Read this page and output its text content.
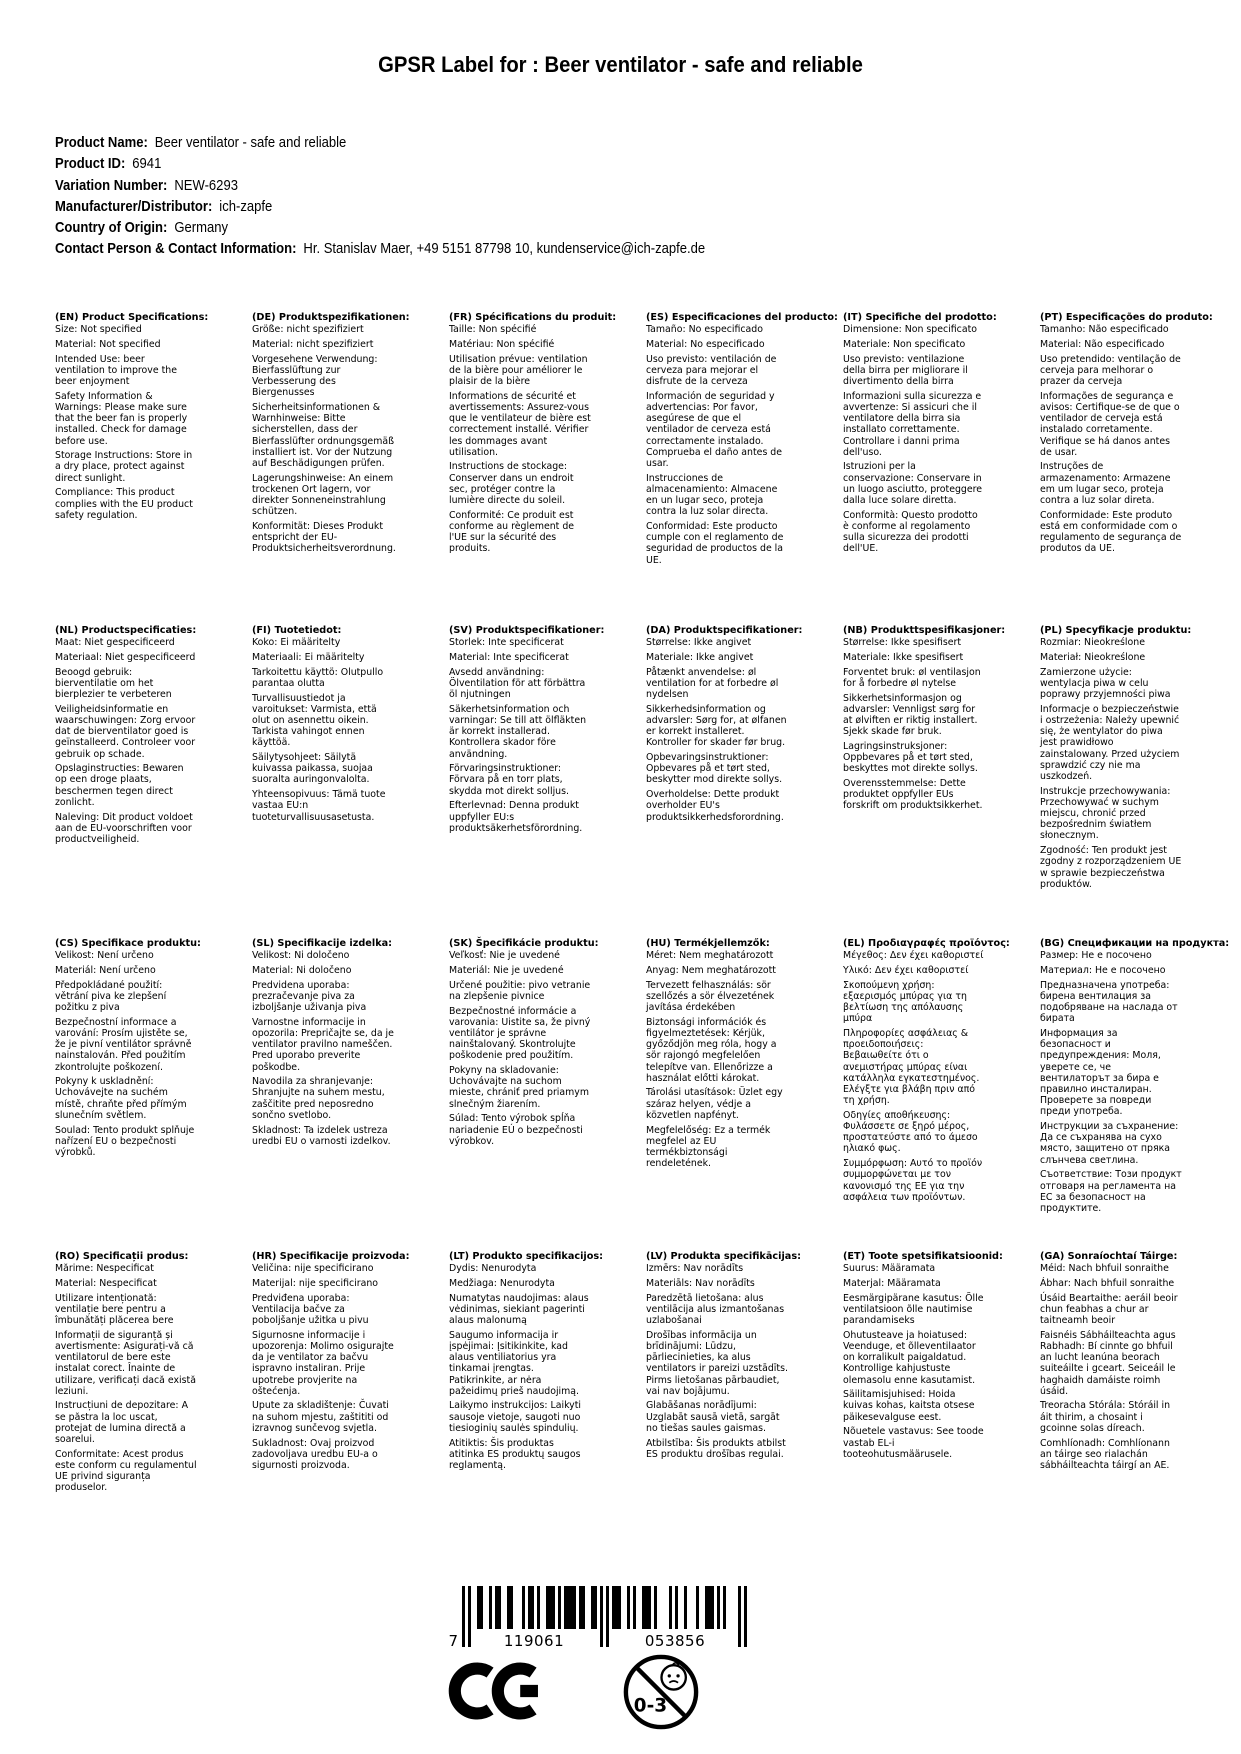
GPSR Label for : Beer ventilator - safe and reliable
Product Name: Beer ventilator - safe and reliable
Product ID: 6941
Variation Number: NEW-6293
Manufacturer/Distributor: ich-zapfe
Country of Origin: Germany
Contact Person & Contact Information: Hr. Stanislav Maer, +49 5151 87798 10, kundenservice@ich-zapfe.de
(EN) Product Specifications:

Size: Not specified

Material: Not specified

Intended Use: beer ventilation to improve the beer enjoyment

Safety Information & Warnings: Please make sure that the beer fan is properly installed. Check for damage before use.

Storage Instructions: Store in a dry place, protect against direct sunlight.

Compliance: This product complies with the EU product safety regulation.

(DE) Produktspezifikationen:

Größe: nicht spezifiziert

Material: nicht spezifiziert

Vorgesehene Verwendung: Bierfasslüftung zur Verbesserung des Biergenusses

Sicherheitsinformationen & Warnhinweise: Bitte sicherstellen, dass der Bierfasslüfter ordnungsgemäß installiert ist. Vor der Nutzung auf Beschädigungen prüfen.

Lagerungshinweise: An einem trockenen Ort lagern, vor direkter Sonneneinstrahlung schützen.

Konformität: Dieses Produkt entspricht der EU-Produktsicherheitsverordnung.

(FR) Spécifications du produit:

Taille: Non spécifié

Matériau: Non spécifié

Utilisation prévue: ventilation de la bière pour améliorer le plaisir de la bière

Informations de sécurité et avertissements: Assurez-vous que le ventilateur de bière est correctement installé. Vérifier les dommages avant utilisation.

Instructions de stockage: Conserver dans un endroit sec, protéger contre la lumière directe du soleil.

Conformité: Ce produit est conforme au règlement de l'UE sur la sécurité des produits.

(ES) Especificaciones del producto:

Tamaño: No especificado

Material: No especificado

Uso previsto: ventilación de cerveza para mejorar el disfrute de la cerveza

Información de seguridad y advertencias: Por favor, asegúrese de que el ventilador de cerveza está correctamente instalado. Comprueba el daño antes de usar.

Instrucciones de almacenamiento: Almacene en un lugar seco, proteja contra la luz solar directa.

Conformidad: Este producto cumple con el reglamento de seguridad de productos de la UE.

(IT) Specifiche del prodotto:

Dimensione: Non specificato

Materiale: Non specificato

Uso previsto: ventilazione della birra per migliorare il divertimento della birra

Informazioni sulla sicurezza e avvertenze: Si assicuri che il ventilatore della birra sia installato correttamente. Controllare i danni prima dell'uso.

Istruzioni per la conservazione: Conservare in un luogo asciutto, proteggere dalla luce solare diretta.

Conformità: Questo prodotto è conforme al regolamento sulla sicurezza dei prodotti dell'UE.

(PT) Especificações do produto:

Tamanho: Não especificado

Material: Não especificado

Uso pretendido: ventilação de cerveja para melhorar o prazer da cerveja

Informações de segurança e avisos: Certifique-se de que o ventilador de cerveja está instalado corretamente. Verifique se há danos antes de usar.

Instruções de armazenamento: Armazene em um lugar seco, proteja contra a luz solar direta.

Conformidade: Este produto está em conformidade com o regulamento de segurança de produtos da UE.

(NL) Productspecificaties:

Maat: Niet gespecificeerd

Materiaal: Niet gespecificeerd

Beoogd gebruik: bierventilatie om het bierplezier te verbeteren

Veiligheidsinformatie en waarschuwingen: Zorg ervoor dat de bierventilator goed is geïnstalleerd. Controleer voor gebruik op schade.

Opslaginstructies: Bewaren op een droge plaats, beschermen tegen direct zonlicht.

Naleving: Dit product voldoet aan de EU-voorschriften voor productveiligheid.

(FI) Tuotetiedot:

Koko: Ei määritelty

Materiaali: Ei määritelty

Tarkoitettu käyttö: Olutpullo parantaa olutta

Turvallisuustiedot ja varoitukset: Varmista, että olut on asennettu oikein. Tarkista vahingot ennen käyttöä.

Säilytysohjeet: Säilytä kuivassa paikassa, suojaa suoralta auringonvalolta.

Yhteensopivuus: Tämä tuote vastaa EU:n tuoteturvallisuusasetusta.

(SV) Produktspecifikationer:

Storlek: Inte specificerat

Material: Inte specificerat

Avsedd användning: Ölventilation för att förbättra öl njutningen

Säkerhetsinformation och varningar: Se till att ölfläkten är korrekt installerad. Kontrollera skador före användning.

Förvaringsinstruktioner: Förvara på en torr plats, skydda mot direkt solljus.

Efterlevnad: Denna produkt uppfyller EU:s produktsäkerhetsförordning.

(DA) Produktspecifikationer:

Størrelse: Ikke angivet

Materiale: Ikke angivet

Påtænkt anvendelse: øl ventilation for at forbedre øl nydelsen

Sikkerhedsinformation og advarsler: Sørg for, at ølfanen er korrekt installeret. Kontroller for skader før brug.

Opbevaringsinstruktioner: Opbevares på et tørt sted, beskytter mod direkte sollys.

Overholdelse: Dette produkt overholder EU's produktsikkerhedsforordning.

(NB) Produkttspesifikasjoner:

Størrelse: Ikke spesifisert

Materiale: Ikke spesifisert

Forventet bruk: øl ventilasjon for å forbedre øl nytelse

Sikkerhetsinformasjon og advarsler: Vennligst sørg for at ølviften er riktig installert. Sjekk skade før bruk.

Lagringsinstruksjoner: Oppbevares på et tørt sted, beskyttes mot direkte sollys.

Overensstemmelse: Dette produktet oppfyller EUs forskrift om produktsikkerhet.

(PL) Specyfikacje produktu:

Rozmiar: Nieokreślone

Materiał: Nieokreślone

Zamierzone użycie: wentylacja piwa w celu poprawy przyjemności piwa

Informacje o bezpieczeństwie i ostrzeżenia: Należy upewnić się, że wentylator do piwa jest prawidłowo zainstalowany. Przed użyciem sprawdzić czy nie ma uszkodzeń.

Instrukcje przechowywania: Przechowywać w suchym miejscu, chronić przed bezpośrednim światłem słonecznym.

Zgodność: Ten produkt jest zgodny z rozporządzeniem UE w sprawie bezpieczeństwa produktów.

(CS) Specifikace produktu:

Velikost: Není určeno

Materiál: Není určeno

Předpokládané použití: větrání piva ke zlepšení požitku z piva

Bezpečnostní informace a varování: Prosím ujistěte se, že je pivní ventilátor správně nainstalován. Před použitím zkontrolujte poškození.

Pokyny k uskladnění: Uchovávejte na suchém místě, chraňte před přímým slunečním světlem.

Soulad: Tento produkt splňuje nařízení EU o bezpečnosti výrobků.

(SL) Specifikacije izdelka:

Velikost: Ni določeno

Material: Ni določeno

Predvidena uporaba: prezračevanje piva za izboljšanje uživanja piva

Varnostne informacije in opozorila: Prepričajte se, da je ventilator pravilno nameščen. Pred uporabo preverite poškodbe.

Navodila za shranjevanje: Shranjujte na suhem mestu, zaščitite pred neposredno sončno svetlobo.

Skladnost: Ta izdelek ustreza uredbi EU o varnosti izdelkov.

(SK) Špecifikácie produktu:

Veľkosť: Nie je uvedené

Materiál: Nie je uvedené

Určené použitie: pivo vetranie na zlepšenie pivnice

Bezpečnostné informácie a varovania: Uistite sa, že pivný ventilátor je správne nainštalovaný. Skontrolujte poškodenie pred použitím.

Pokyny na skladovanie: Uchovávajte na suchom mieste, chrániť pred priamym slnečným žiarením.

Súlad: Tento výrobok spĺňa nariadenie EÚ o bezpečnosti výrobkov.

(HU) Termékjellemzők:

Méret: Nem meghatározott

Anyag: Nem meghatározott

Tervezett felhasználás: sör szellőzés a sör élvezetének javítása érdekében

Biztonsági információk és figyelmeztetések: Kérjük, győződjön meg róla, hogy a sör rajongó megfelelően telepítve van. Ellenőrizze a használat előtti károkat.

Tárolási utasítások: Üzlet egy száraz helyen, védje a közvetlen napfényt.

Megfelelőség: Ez a termék megfelel az EU termékbiztonsági rendeletének.

(EL) Προδιαγραφές προϊόντος:

Μέγεθος: Δεν έχει καθοριστεί

Υλικό: Δεν έχει καθοριστεί

Σκοπούμενη χρήση: εξαερισμός μπύρας για τη βελτίωση της απόλαυσης μπύρα

Πληροφορίες ασφάλειας & προειδοποιήσεις: Βεβαιωθείτε ότι ο ανεμιστήρας μπύρας είναι κατάλληλα εγκατεστημένος. Ελέγξτε για βλάβη πριν από τη χρήση.

Οδηγίες αποθήκευσης: Φυλάσσετε σε ξηρό μέρος, προστατεύστε από το άμεσο ηλιακό φως.

Συμμόρφωση: Αυτό το προϊόν συμμορφώνεται με τον κανονισμό της ΕΕ για την ασφάλεια των προϊόντων.

(BG) Спецификации на продукта:

Размер: Не е посочено

Материал: Не е посочено

Предназначена употреба: бирена вентилация за подобряване на наслада от бирата

Информация за безопасност и предупреждения: Моля, уверете се, че вентилаторът за бира е правилно инсталиран. Проверете за повреди преди употреба.

Инструкции за съхранение: Да се съхранява на сухо място, защитено от пряка слънчева светлина.

Съответствие: Този продукт отговаря на регламента на ЕС за безопасност на продуктите.

(RO) Specificații produs:

Mărime: Nespecificat

Material: Nespecificat

Utilizare intenționată: ventilație bere pentru a îmbunătăți plăcerea bere

Informații de siguranță și avertismente: Asigurați-vă că ventilatorul de bere este instalat corect. Înainte de utilizare, verificați dacă există leziuni.

Instrucțiuni de depozitare: A se păstra la loc uscat, protejat de lumina directă a soarelui.

Conformitate: Acest produs este conform cu regulamentul UE privind siguranța produselor.

(HR) Specifikacije proizvoda:

Veličina: nije specificirano

Materijal: nije specificirano

Predviđena uporaba: Ventilacija bačve za poboljšanje užitka u pivu

Sigurnosne informacije i upozorenja: Molimo osigurajte da je ventilator za bačvu ispravno instaliran. Prije upotrebe provjerite na oštećenja.

Upute za skladištenje: Čuvati na suhom mjestu, zaštititi od izravnog sunčevog svjetla.

Sukladnost: Ovaj proizvod zadovoljava uredbu EU-a o sigurnosti proizvoda.

(LT) Produkto specifikacijos:

Dydis: Nenurodyta

Medžiaga: Nenurodyta

Numatytas naudojimas: alaus vėdinimas, siekiant pagerinti alaus malonumą

Saugumo informacija ir įspėjimai: Įsitikinkite, kad alaus ventiliatorius yra tinkamai įrengtas. Patikrinkite, ar nėra pažeidimų prieš naudojimą.

Laikymo instrukcijos: Laikyti sausoje vietoje, saugoti nuo tiesioginių saulės spindulių.

Atitiktis: Šis produktas atitinka ES produktų saugos reglamentą.

(LV) Produkta specifikācijas:

Izmērs: Nav norādīts

Materiāls: Nav norādīts

Paredzētā lietošana: alus ventilācija alus izmantošanas uzlabošanai

Drošības informācija un brīdinājumi: Lūdzu, pārliecinieties, ka alus ventilators ir pareizi uzstādīts. Pirms lietošanas pārbaudiet, vai nav bojājumu.

Glabāšanas norādījumi: Uzglabāt sausā vietā, sargāt no tiešas saules gaismas.

Atbilstība: Šis produkts atbilst ES produktu drošības regulai.

(ET) Toote spetsifikatsioonid:

Suurus: Määramata

Materjal: Määramata

Eesmärgipärane kasutus: Õlle ventilatsioon õlle nautimise parandamiseks

Ohutusteave ja hoiatused: Veenduge, et õlleventilaator on korralikult paigaldatud. Kontrollige kahjustuste olemasolu enne kasutamist.

Säilitamisjuhised: Hoida kuivas kohas, kaitsta otsese päikesevalguse eest.

Nõuetele vastavus: See toode vastab EL-i tooteohutusmäärusele.

(GA) Sonraíochtaí Táirge:

Méid: Nach bhfuil sonraithe

Ábhar: Nach bhfuil sonraithe

Úsáid Beartaithe: aeráil beoir chun feabhas a chur ar taitneamh beoir

Faisnéis Sábháilteachta agus Rabhadh: Bí cinnte go bhfuil an lucht leanúna beorach suiteáilte i gceart. Seiceáil le haghaidh damáiste roimh úsáid.

Treoracha Stórála: Stóráil in áit thirim, a chosaint i gcoinne solas díreach.

Comhlíonadh: Comhlíonann an táirge seo rialachán sábháilteachta táirgí an AE.

7	119061	053856
0-3
